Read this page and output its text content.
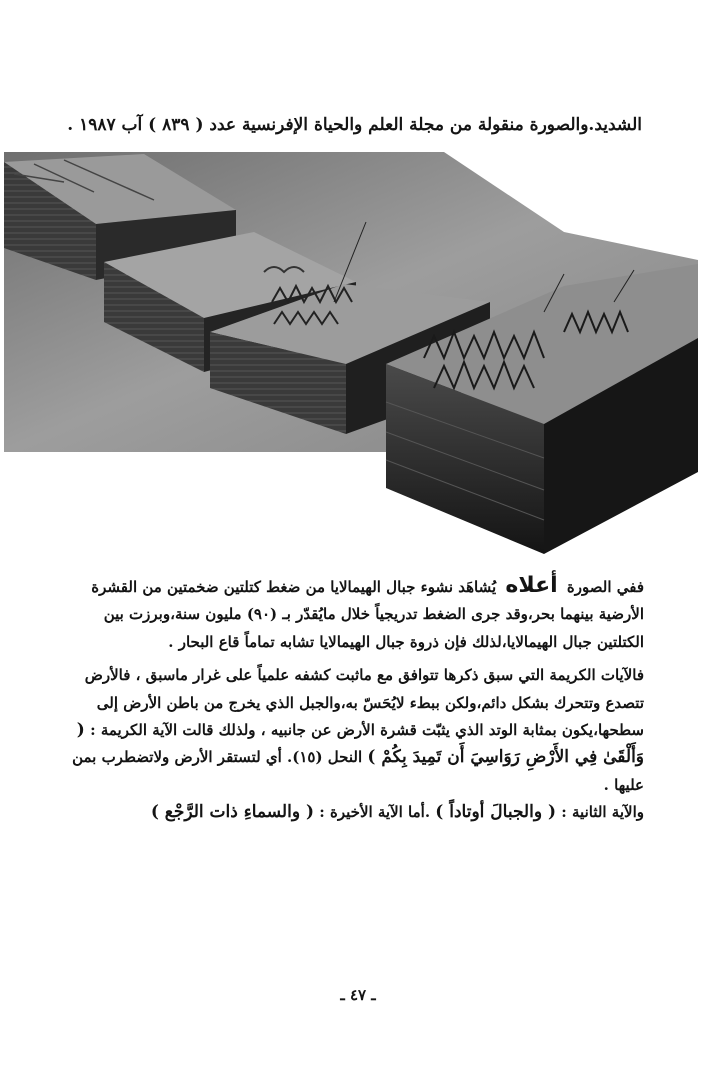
الشديد.والصورة منقولة من مجلة العلم والحياة الإفرنسية عدد ( ٨٣٩ ) آب ١٩٨٧ .

ففي الصورة أعلاه يُشاهَد نشوء جبال الهيمالايا من ضغط كتلتين ضخمتين من القشرة الأرضية بينهما بحر،وقد جرى الضغط تدريجياً خلال مايُقدّر بـ (٩٠) مليون سنة،وبرزت بين الكتلتين جبال الهيمالايا،لذلك فإن ذروة جبال الهيمالايا تشابه تماماً قاع البحار .

فالآيات الكريمة التي سبق ذكرها تتوافق مع ماثبت كشفه علمياً على غرار ماسبق ، فالأرض تتصدع وتتحرك بشكل دائم،ولكن ببطء لايُحَسّ به،والجبل الذي يخرج من باطن الأرض إلى سطحها،يكون بمثابة الوتد الذي يثبّت قشرة الأرض عن جانبيه ، ولذلك قالت الآية الكريمة : ( وَأَلْقَىٰ فِي الأَرْضِ رَوَاسِيَ أَن تَمِيدَ بِكُمْ ) النحل (١٥). أي لتستقر الأرض ولاتضطرب بمن عليها .

والآية الثانية : ( والجبالَ أوتاداً ) .أما الآية الأخيرة : ( والسماءِ ذات الرَّجْع )

ـ ٤٧ ـ
